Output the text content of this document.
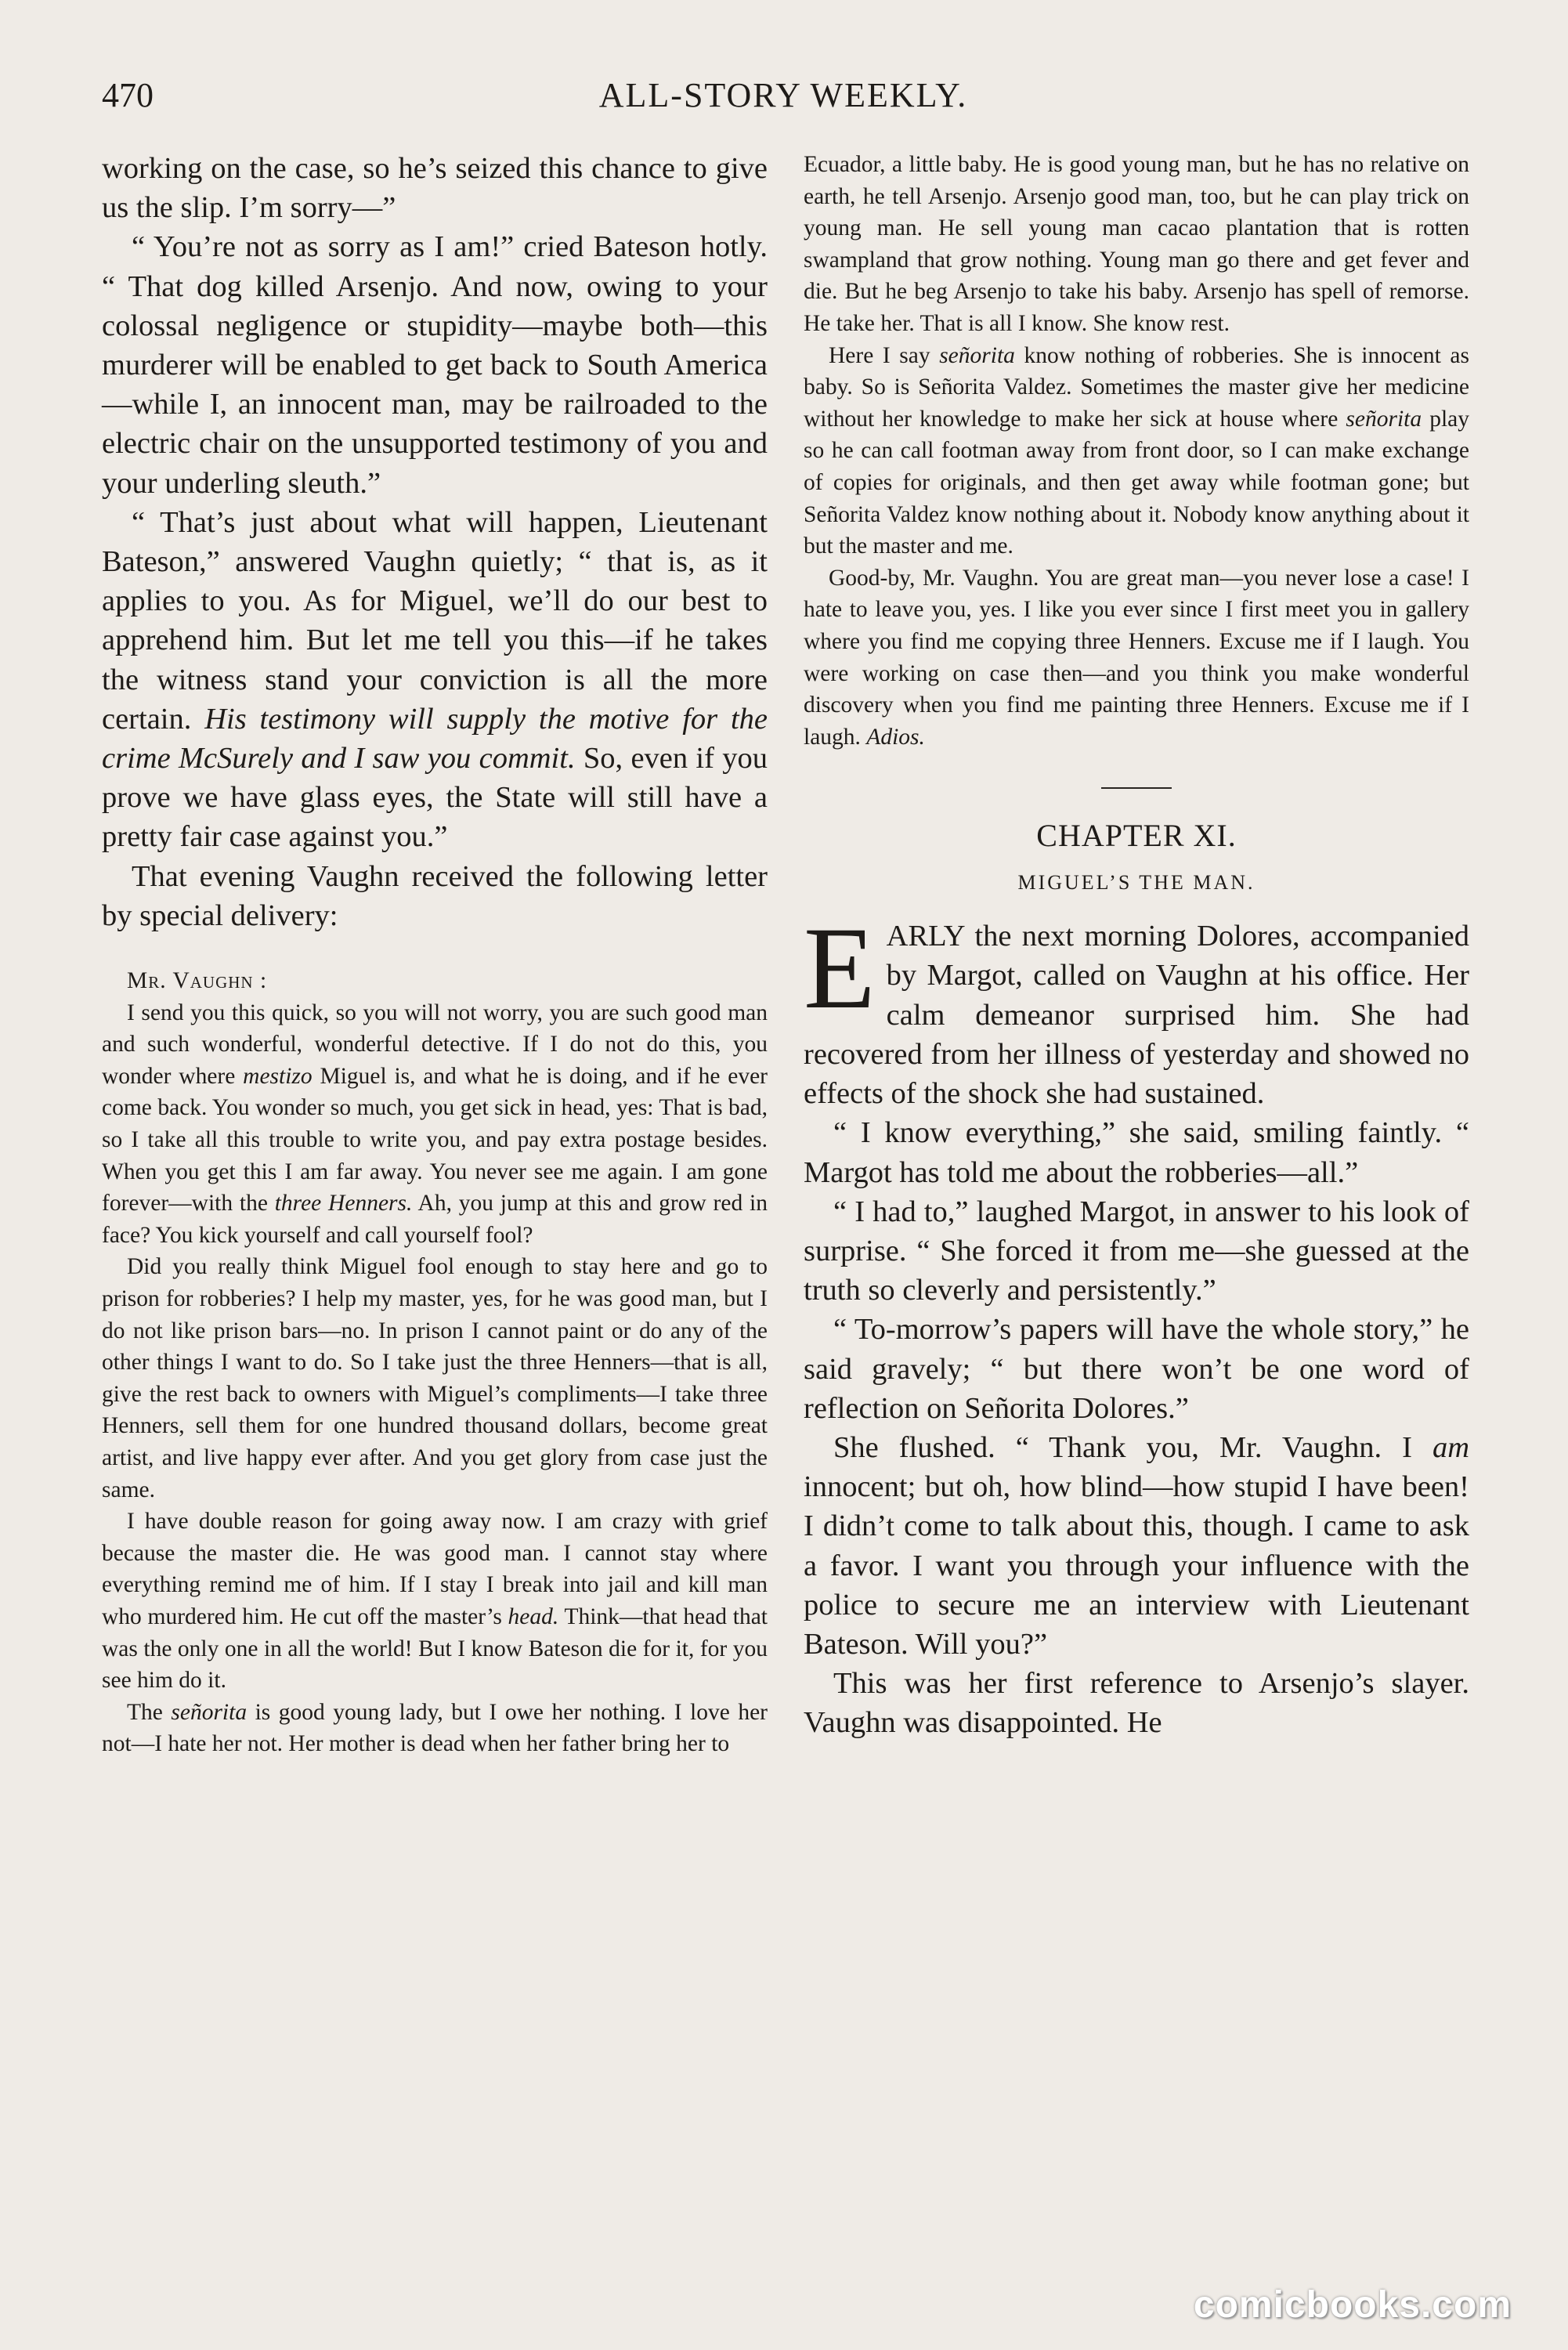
470	ALL-STORY WEEKLY.

working on the case, so he’s seized this chance to give us the slip. I’m sorry—”

“ You’re not as sorry as I am!” cried Bateson hotly. “ That dog killed Arsenjo. And now, owing to your colossal negligence or stupidity—maybe both—this murderer will be enabled to get back to South America—while I, an innocent man, may be railroaded to the electric chair on the unsupported testimony of you and your underling sleuth.”

“ That’s just about what will happen, Lieutenant Bateson,” answered Vaughn quietly; “ that is, as it applies to you. As for Miguel, we’ll do our best to apprehend him. But let me tell you this—if he takes the witness stand your conviction is all the more certain. His testimony will supply the motive for the crime McSurely and I saw you commit. So, even if you prove we have glass eyes, the State will still have a pretty fair case against you.”

That evening Vaughn received the following letter by special delivery:

Mr. Vaughn :

I send you this quick, so you will not worry, you are such good man and such wonderful, wonderful detective. If I do not do this, you wonder where mestizo Miguel is, and what he is doing, and if he ever come back. You wonder so much, you get sick in head, yes: That is bad, so I take all this trouble to write you, and pay extra postage besides. When you get this I am far away. You never see me again. I am gone forever—with the three Henners. Ah, you jump at this and grow red in face? You kick yourself and call yourself fool?

Did you really think Miguel fool enough to stay here and go to prison for robberies? I help my master, yes, for he was good man, but I do not like prison bars—no. In prison I cannot paint or do any of the other things I want to do. So I take just the three Henners—that is all, give the rest back to owners with Miguel’s compliments—I take three Henners, sell them for one hundred thousand dollars, become great artist, and live happy ever after. And you get glory from case just the same.

I have double reason for going away now. I am crazy with grief because the master die. He was good man. I cannot stay where everything remind me of him. If I stay I break into jail and kill man who murdered him. He cut off the master’s head. Think—that head that was the only one in all the world! But I know Bateson die for it, for you see him do it.

The señorita is good young lady, but I owe her nothing. I love her not—I hate her not. Her mother is dead when her father bring her to

Ecuador, a little baby. He is good young man, but he has no relative on earth, he tell Arsenjo. Arsenjo good man, too, but he can play trick on young man. He sell young man cacao plantation that is rotten swampland that grow nothing. Young man go there and get fever and die. But he beg Arsenjo to take his baby. Arsenjo has spell of remorse. He take her. That is all I know. She know rest.

Here I say señorita know nothing of robberies. She is innocent as baby. So is Señorita Valdez. Sometimes the master give her medicine without her knowledge to make her sick at house where señorita play so he can call footman away from front door, so I can make exchange of copies for originals, and then get away while footman gone; but Señorita Valdez know nothing about it. Nobody know anything about it but the master and me.

Good-by, Mr. Vaughn. You are great man—you never lose a case! I hate to leave you, yes. I like you ever since I first meet you in gallery where you find me copying three Henners. Excuse me if I laugh. You were working on case then—and you think you make wonderful discovery when you find me painting three Henners. Excuse me if I laugh. Adios.

CHAPTER XI.
MIGUEL’S THE MAN.

EARLY the next morning Dolores, accompanied by Margot, called on Vaughn at his office. Her calm demeanor surprised him. She had recovered from her illness of yesterday and showed no effects of the shock she had sustained.

“ I know everything,” she said, smiling faintly. “ Margot has told me about the robberies—all.”

“ I had to,” laughed Margot, in answer to his look of surprise. “ She forced it from me—she guessed at the truth so cleverly and persistently.”

“ To-morrow’s papers will have the whole story,” he said gravely; “ but there won’t be one word of reflection on Señorita Dolores.”

She flushed. “ Thank you, Mr. Vaughn. I am innocent; but oh, how blind—how stupid I have been! I didn’t come to talk about this, though. I came to ask a favor. I want you through your influence with the police to secure me an interview with Lieutenant Bateson. Will you?”

This was her first reference to Arsenjo’s slayer. Vaughn was disappointed. He

comicbooks.com
